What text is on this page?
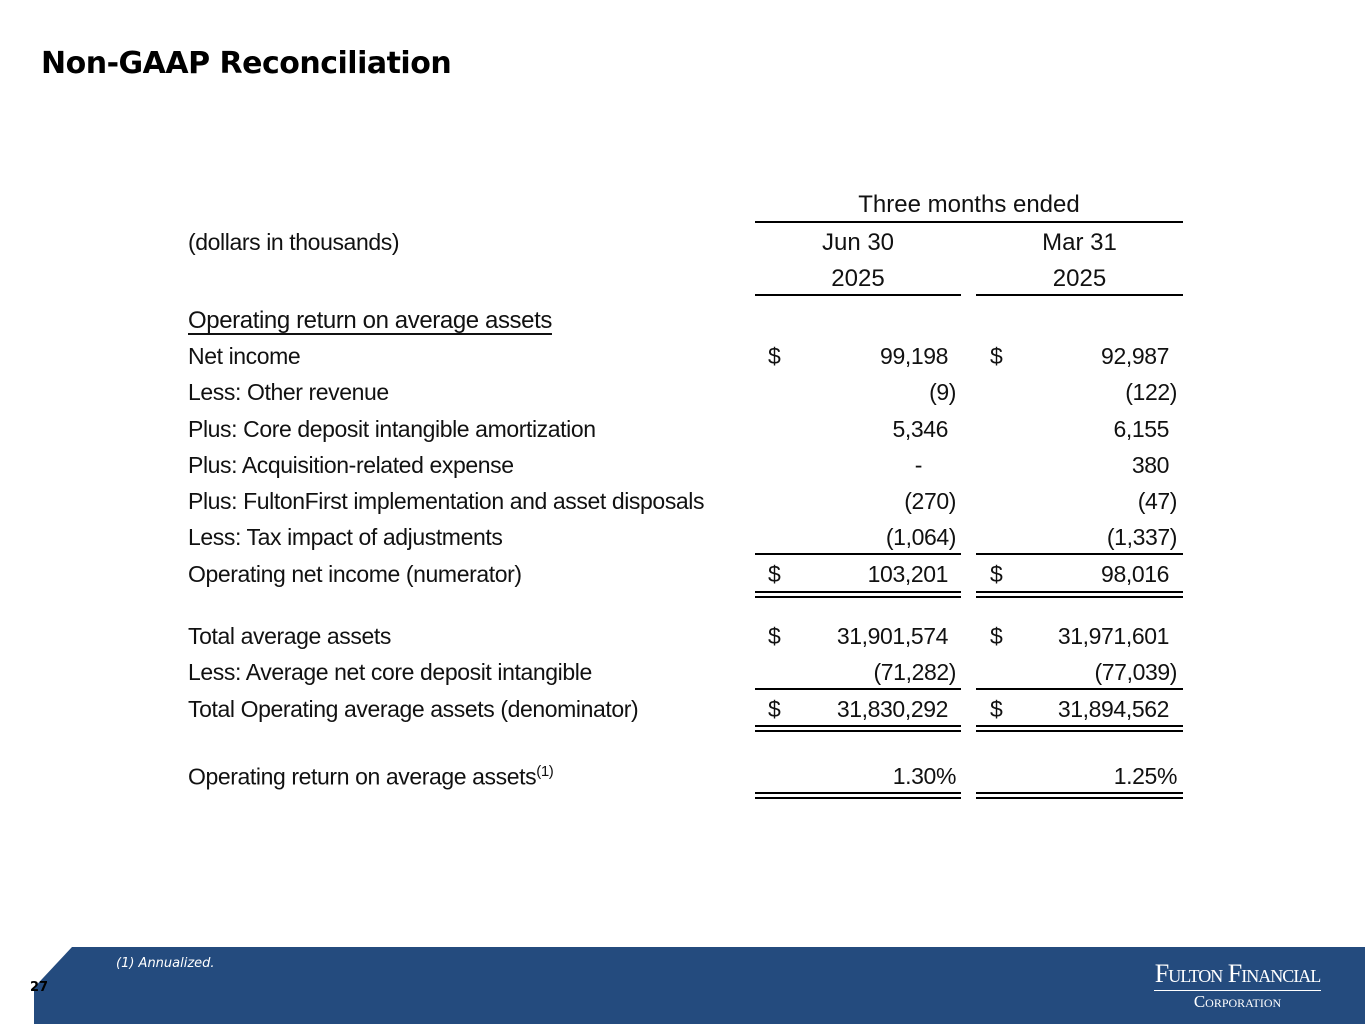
Non-GAAP Reconciliation
Three months ended
(dollars in thousands)	Jun 30	Mar 31
2025	2025
Operating return on average assets
Net income	$	99,198 $	92,987
Less: Other revenue	(9)	(122)
Plus: Core deposit intangible amortization	5,346	6,155
Plus: Acquisition-related expense	-	380
Plus: FultonFirst implementation and asset disposals	(270)	(47)
Less: Tax impact of adjustments	(1,064)	(1,337)
Operating net income (numerator)	$	103,201 $	98,016
Total average assets	$	31,901,574 $	31,971,601
Less: Average net core deposit intangible	(71,282)	(77,039)
Total Operating average assets (denominator)	$	31,830,292 $	31,894,562
Operating return on average assets$^{(1)}$	1.30%	1.25%
27
(1) Annualized.	Fulton Financial
Corporation
